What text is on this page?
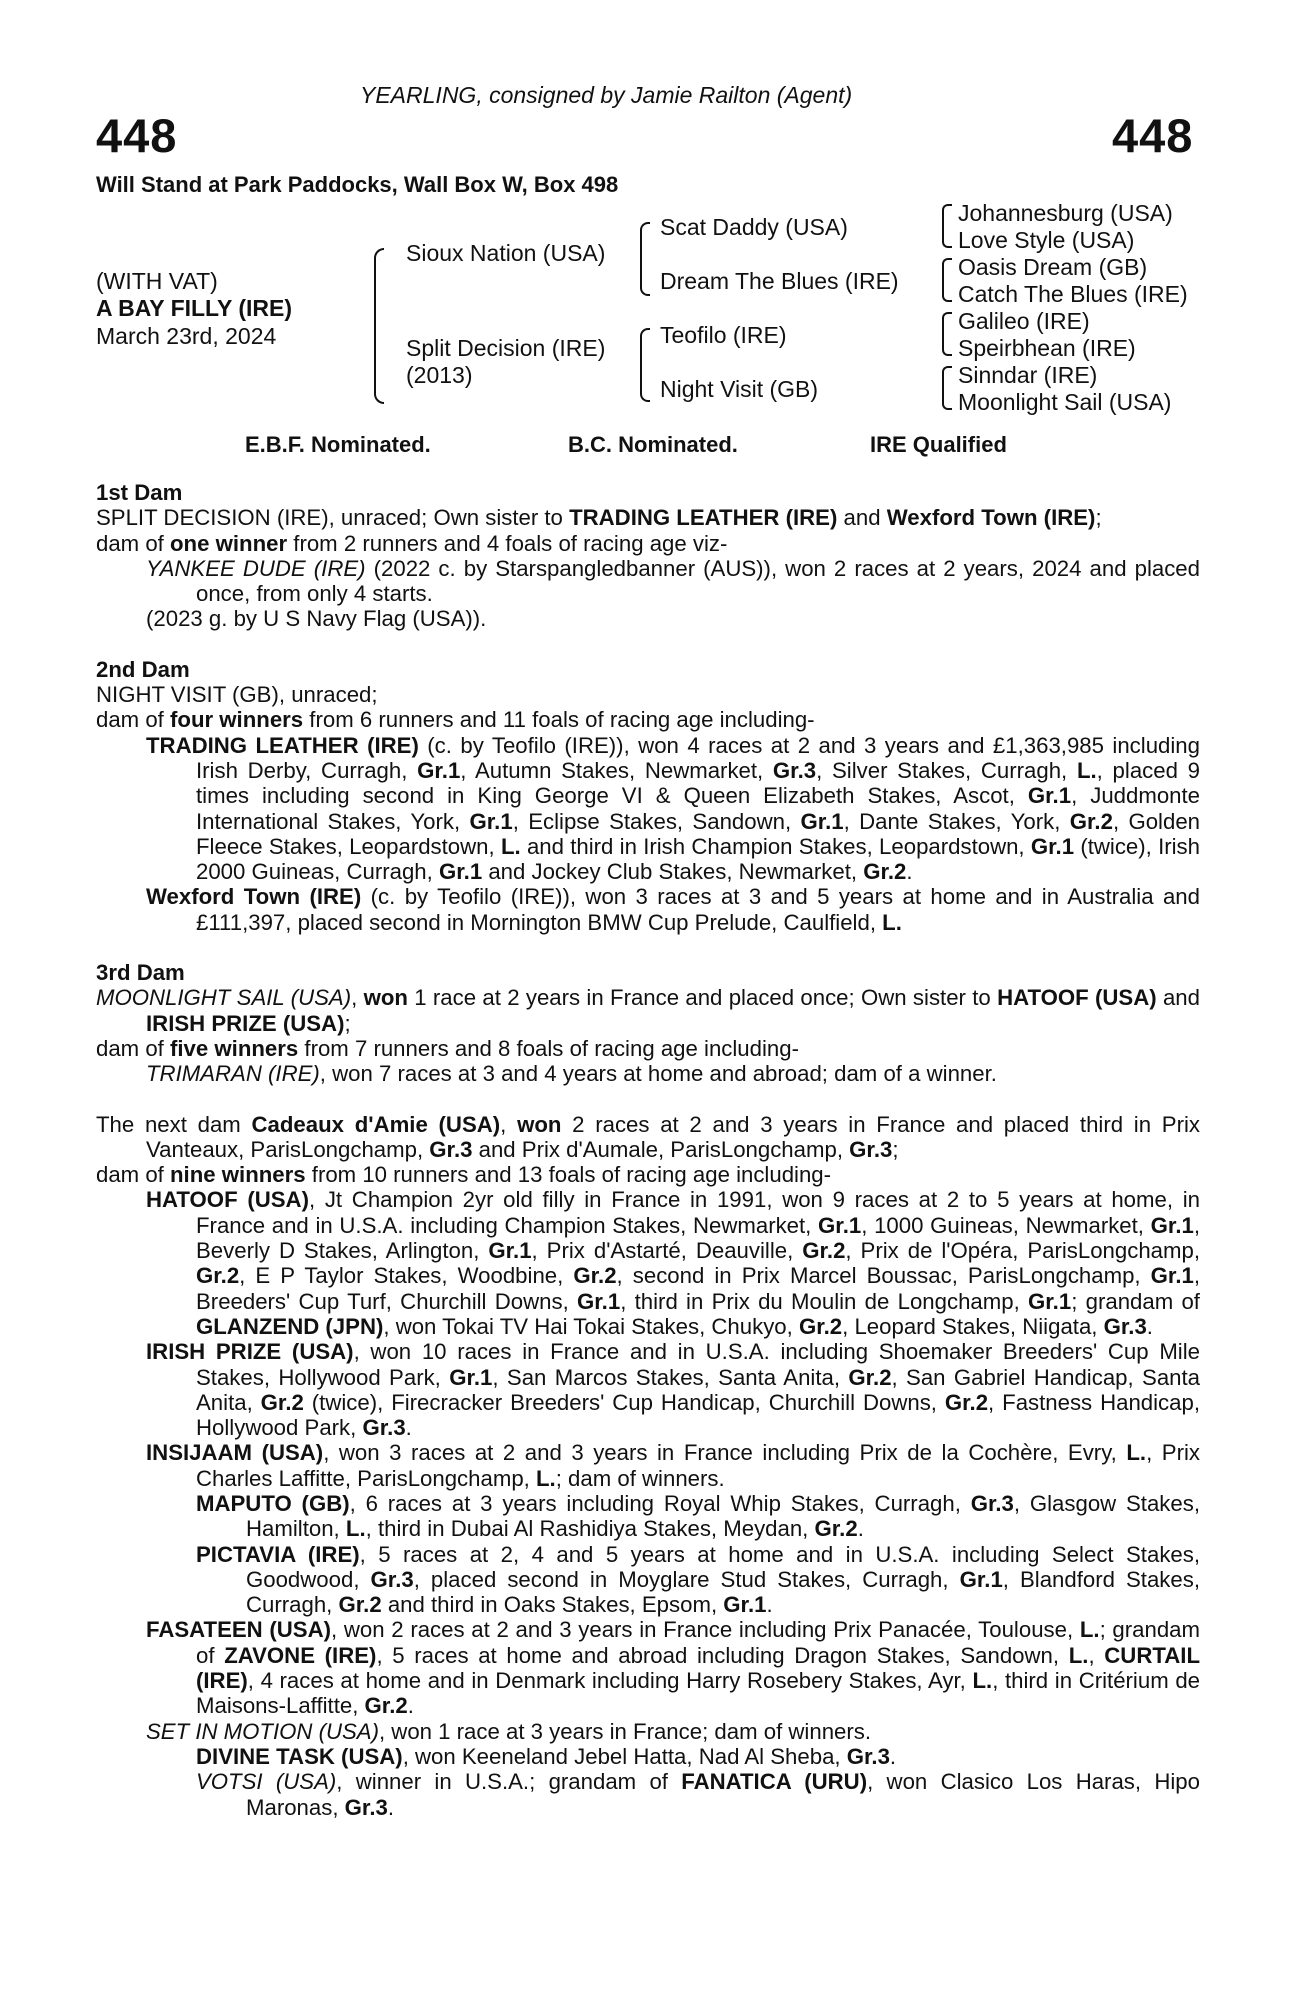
YEARLING, consigned by Jamie Railton (Agent)
448	448
Will Stand at Park Paddocks, Wall Box W, Box 498
(WITH VAT)
A BAY FILLY (IRE)
March 23rd, 2024
Sioux Nation (USA)
Split Decision (IRE)
(2013)
Scat Daddy (USA)
Dream The Blues (IRE)
Teofilo (IRE)
Night Visit (GB)
Johannesburg (USA)
Love Style (USA)
Oasis Dream (GB)
Catch The Blues (IRE)
Galileo (IRE)
Speirbhean (IRE)
Sinndar (IRE)
Moonlight Sail (USA)
E.B.F. Nominated.	B.C. Nominated.	IRE Qualified

1st Dam

SPLIT DECISION (IRE), unraced; Own sister to TRADING LEATHER (IRE) and Wexford Town (IRE);

dam of one winner from 2 runners and 4 foals of racing age viz-

YANKEE DUDE (IRE) (2022 c. by Starspangledbanner (AUS)), won 2 races at 2 years, 2024 and placed once, from only 4 starts.

(2023 g. by U S Navy Flag (USA)).

2nd Dam

NIGHT VISIT (GB), unraced;

dam of four winners from 6 runners and 11 foals of racing age including-

TRADING LEATHER (IRE) (c. by Teofilo (IRE)), won 4 races at 2 and 3 years and £1,363,985 including Irish Derby, Curragh, Gr.1, Autumn Stakes, Newmarket, Gr.3, Silver Stakes, Curragh, L., placed 9 times including second in King George VI & Queen Elizabeth Stakes, Ascot, Gr.1, Juddmonte International Stakes, York, Gr.1, Eclipse Stakes, Sandown, Gr.1, Dante Stakes, York, Gr.2, Golden Fleece Stakes, Leopardstown, L. and third in Irish Champion Stakes, Leopardstown, Gr.1 (twice), Irish 2000 Guineas, Curragh, Gr.1 and Jockey Club Stakes, Newmarket, Gr.2.

Wexford Town (IRE) (c. by Teofilo (IRE)), won 3 races at 3 and 5 years at home and in Australia and £111,397, placed second in Mornington BMW Cup Prelude, Caulfield, L.

3rd Dam

MOONLIGHT SAIL (USA), won 1 race at 2 years in France and placed once; Own sister to HATOOF (USA) and IRISH PRIZE (USA);

dam of five winners from 7 runners and 8 foals of racing age including-

TRIMARAN (IRE), won 7 races at 3 and 4 years at home and abroad; dam of a winner.

The next dam Cadeaux d'Amie (USA), won 2 races at 2 and 3 years in France and placed third in Prix Vanteaux, ParisLongchamp, Gr.3 and Prix d'Aumale, ParisLongchamp, Gr.3;

dam of nine winners from 10 runners and 13 foals of racing age including-

HATOOF (USA), Jt Champion 2yr old filly in France in 1991, won 9 races at 2 to 5 years at home, in France and in U.S.A. including Champion Stakes, Newmarket, Gr.1, 1000 Guineas, Newmarket, Gr.1, Beverly D Stakes, Arlington, Gr.1, Prix d'Astarté, Deauville, Gr.2, Prix de l'Opéra, ParisLongchamp, Gr.2, E P Taylor Stakes, Woodbine, Gr.2, second in Prix Marcel Boussac, ParisLongchamp, Gr.1, Breeders' Cup Turf, Churchill Downs, Gr.1, third in Prix du Moulin de Longchamp, Gr.1; grandam of GLANZEND (JPN), won Tokai TV Hai Tokai Stakes, Chukyo, Gr.2, Leopard Stakes, Niigata, Gr.3.

IRISH PRIZE (USA), won 10 races in France and in U.S.A. including Shoemaker Breeders' Cup Mile Stakes, Hollywood Park, Gr.1, San Marcos Stakes, Santa Anita, Gr.2, San Gabriel Handicap, Santa Anita, Gr.2 (twice), Firecracker Breeders' Cup Handicap, Churchill Downs, Gr.2, Fastness Handicap, Hollywood Park, Gr.3.

INSIJAAM (USA), won 3 races at 2 and 3 years in France including Prix de la Cochère, Evry, L., Prix Charles Laffitte, ParisLongchamp, L.; dam of winners.

MAPUTO (GB), 6 races at 3 years including Royal Whip Stakes, Curragh, Gr.3, Glasgow Stakes, Hamilton, L., third in Dubai Al Rashidiya Stakes, Meydan, Gr.2.

PICTAVIA (IRE), 5 races at 2, 4 and 5 years at home and in U.S.A. including Select Stakes, Goodwood, Gr.3, placed second in Moyglare Stud Stakes, Curragh, Gr.1, Blandford Stakes, Curragh, Gr.2 and third in Oaks Stakes, Epsom, Gr.1.

FASATEEN (USA), won 2 races at 2 and 3 years in France including Prix Panacée, Toulouse, L.; grandam of ZAVONE (IRE), 5 races at home and abroad including Dragon Stakes, Sandown, L., CURTAIL (IRE), 4 races at home and in Denmark including Harry Rosebery Stakes, Ayr, L., third in Critérium de Maisons-Laffitte, Gr.2.

SET IN MOTION (USA), won 1 race at 3 years in France; dam of winners.

DIVINE TASK (USA), won Keeneland Jebel Hatta, Nad Al Sheba, Gr.3.

VOTSI (USA), winner in U.S.A.; grandam of FANATICA (URU), won Clasico Los Haras, Hipo Maronas, Gr.3.
